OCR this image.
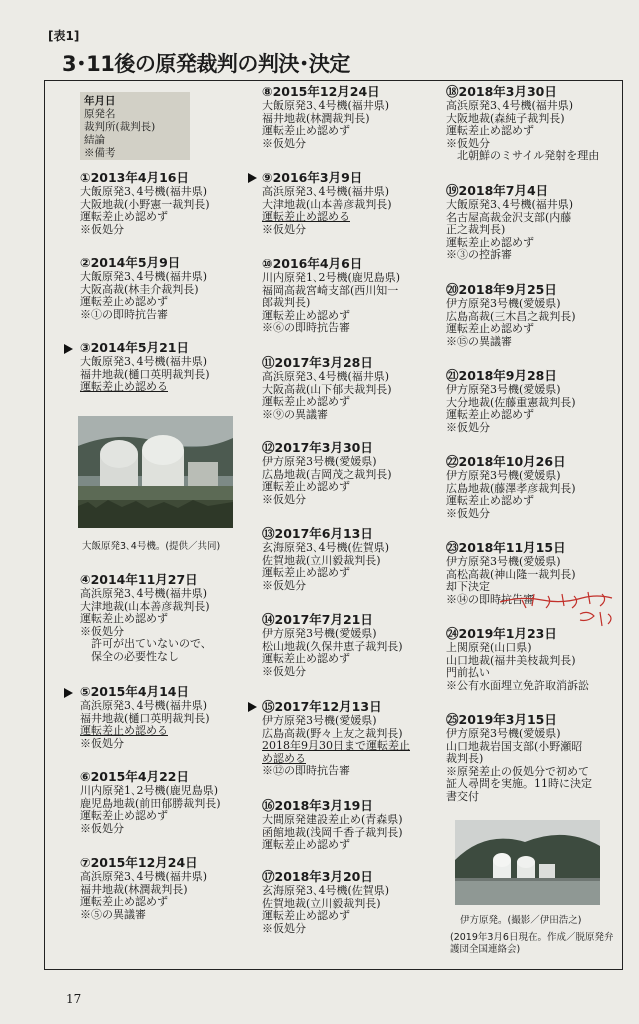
[表1]
3･11後の原発裁判の判決･決定
年月日
原発名
裁判所(裁判長)
結論
※備考
①2013年4月16日
大飯原発3､4号機(福井県)
大阪地裁(小野憲一裁判長)
運転差止め認めず
※仮処分
②2014年5月9日
大飯原発3､4号機(福井県)
大阪高裁(林圭介裁判長)
運転差止め認めず
※①の即時抗告審
③2014年5月21日
大飯原発3､4号機(福井県)
福井地裁(樋口英明裁判長)
運転差止め認める
大飯原発3､4号機。(提供／共同)
④2014年11月27日
高浜原発3､4号機(福井県)
大津地裁(山本善彦裁判長)
運転差止め認めず
※仮処分
　許可が出ていないので、
　保全の必要性なし
⑤2015年4月14日
高浜原発3､4号機(福井県)
福井地裁(樋口英明裁判長)
運転差止め認める
※仮処分
⑥2015年4月22日
川内原発1､2号機(鹿児島県)
鹿児島地裁(前田郁勝裁判長)
運転差止め認めず
※仮処分
⑦2015年12月24日
高浜原発3､4号機(福井県)
福井地裁(林潤裁判長)
運転差止め認めず
※⑤の異議審
⑧2015年12月24日
大飯原発3､4号機(福井県)
福井地裁(林潤裁判長)
運転差止め認めず
※仮処分
⑨2016年3月9日
高浜原発3､4号機(福井県)
大津地裁(山本善彦裁判長)
運転差止め認める
※仮処分
⑩2016年4月6日
川内原発1､2号機(鹿児島県)
福岡高裁宮崎支部(西川知一
郎裁判長)
運転差止め認めず
※⑥の即時抗告審
⑪2017年3月28日
高浜原発3､4号機(福井県)
大阪高裁(山下郁夫裁判長)
運転差止め認めず
※⑨の異議審
⑫2017年3月30日
伊方原発3号機(愛媛県)
広島地裁(吉岡茂之裁判長)
運転差止め認めず
※仮処分
⑬2017年6月13日
玄海原発3､4号機(佐賀県)
佐賀地裁(立川毅裁判長)
運転差止め認めず
※仮処分
⑭2017年7月21日
伊方原発3号機(愛媛県)
松山地裁(久保井恵子裁判長)
運転差止め認めず
※仮処分
⑮2017年12月13日
伊方原発3号機(愛媛県)
広島高裁(野々上友之裁判長)
2018年9月30日まで運転差止
め認める
※⑫の即時抗告審
⑯2018年3月19日
大間原発建設差止め(青森県)
函館地裁(浅岡千香子裁判長)
運転差止め認めず
⑰2018年3月20日
玄海原発3､4号機(佐賀県)
佐賀地裁(立川毅裁判長)
運転差止め認めず
※仮処分
⑱2018年3月30日
高浜原発3､4号機(福井県)
大阪地裁(森純子裁判長)
運転差止め認めず
※仮処分
　北朝鮮のミサイル発射を理由
⑲2018年7月4日
大飯原発3､4号機(福井県)
名古屋高裁金沢支部(内藤
正之裁判長)
運転差止め認めず
※③の控訴審
⑳2018年9月25日
伊方原発3号機(愛媛県)
広島高裁(三木昌之裁判長)
運転差止め認めず
※⑮の異議審
㉑2018年9月28日
伊方原発3号機(愛媛県)
大分地裁(佐藤重憲裁判長)
運転差止め認めず
※仮処分
㉒2018年10月26日
伊方原発3号機(愛媛県)
広島地裁(藤澤孝彦裁判長)
運転差止め認めず
※仮処分
㉓2018年11月15日
伊方原発3号機(愛媛県)
高松高裁(神山隆一裁判長)
却下決定
※⑭の即時抗告審
㉔2019年1月23日
上関原発(山口県)
山口地裁(福井美枝裁判長)
門前払い
※公有水面埋立免許取消訴訟
㉕2019年3月15日
伊方原発3号機(愛媛県)
山口地裁岩国支部(小野瀬昭
裁判長)
※原発差止の仮処分で初めて
証人尋問を実施。11時に決定
書交付
伊方原発。(撮影／伊田浩之)
(2019年3月6日現在。作成／脱原発弁護団全国連絡会)
17
